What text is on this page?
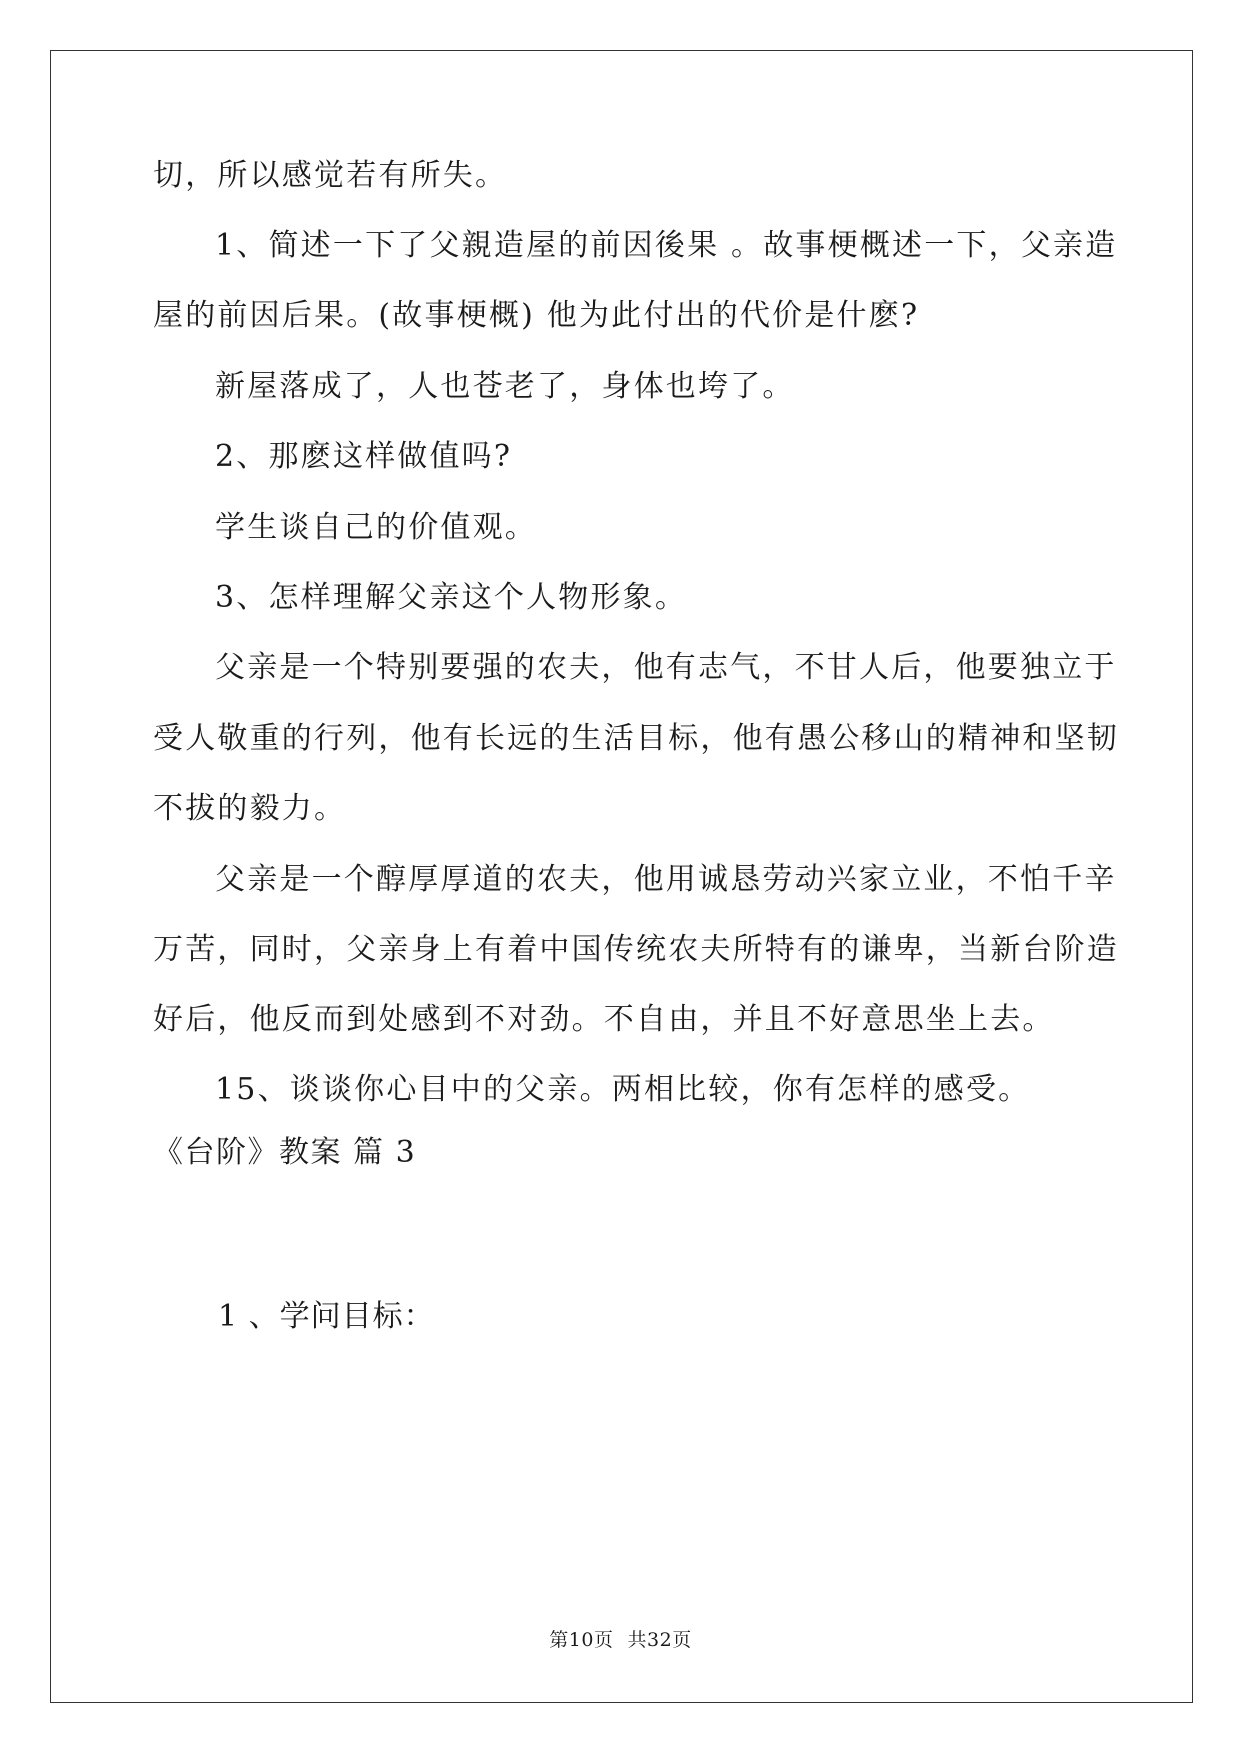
切，所以感觉若有所失。
1、简述一下了父親造屋的前因後果 。故事梗概述一下，父亲造
屋的前因后果。(故事梗概) 他为此付出的代价是什麽?
新屋落成了，人也苍老了，身体也垮了。
2、那麽这样做值吗?
学生谈自己的价值观。
3、怎样理解父亲这个人物形象。
父亲是一个特别要强的农夫，他有志气，不甘人后，他要独立于
受人敬重的行列，他有长远的生活目标，他有愚公移山的精神和坚韧
不拔的毅力。
父亲是一个醇厚厚道的农夫，他用诚恳劳动兴家立业，不怕千辛
万苦，同时，父亲身上有着中国传统农夫所特有的谦卑，当新台阶造
好后，他反而到处感到不对劲。不自由，并且不好意思坐上去。
15、谈谈你心目中的父亲。两相比较，你有怎样的感受。
《台阶》教案 篇 3
1 、学问目标：
第10页 共32页
